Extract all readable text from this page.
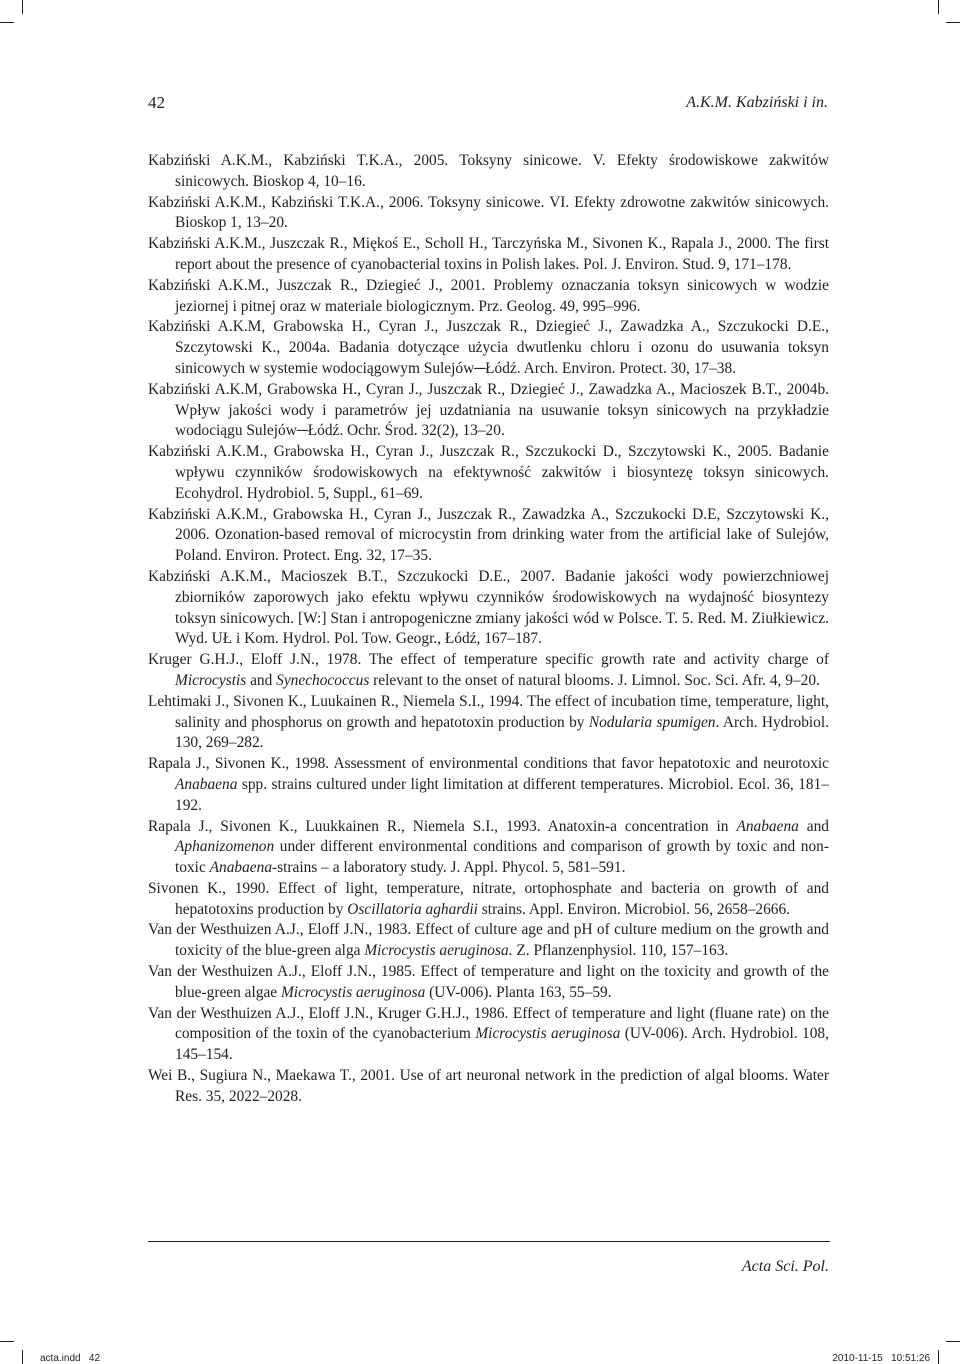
42	A.K.M. Kabziński i in.

Kabziński A.K.M., Kabziński T.K.A., 2005. Toksyny sinicowe. V. Efekty środowiskowe zakwitów sinicowych. Bioskop 4, 10–16.

Kabziński A.K.M., Kabziński T.K.A., 2006. Toksyny sinicowe. VI. Efekty zdrowotne zakwitów sinicowych. Bioskop 1, 13–20.

Kabziński A.K.M., Juszczak R., Miękoś E., Scholl H., Tarczyńska M., Sivonen K., Rapala J., 2000. The first report about the presence of cyanobacterial toxins in Polish lakes. Pol. J. Environ. Stud. 9, 171–178.

Kabziński A.K.M., Juszczak R., Dziegieć J., 2001. Problemy oznaczania toksyn sinicowych w wodzie jeziornej i pitnej oraz w materiale biologicznym. Prz. Geolog. 49, 995–996.

Kabziński A.K.M, Grabowska H., Cyran J., Juszczak R., Dziegieć J., Zawadzka A., Szczukocki D.E., Szczytowski K., 2004a. Badania dotyczące użycia dwutlenku chloru i ozonu do usuwania toksyn sinicowych w systemie wodociągowym Sulejów─Łódź. Arch. Environ. Protect. 30, 17–38.

Kabziński A.K.M, Grabowska H., Cyran J., Juszczak R., Dziegieć J., Zawadzka A., Macioszek B.T., 2004b. Wpływ jakości wody i parametrów jej uzdatniania na usuwanie toksyn sinicowych na przykładzie wodociągu Sulejów─Łódź. Ochr. Środ. 32(2), 13–20.

Kabziński A.K.M., Grabowska H., Cyran J., Juszczak R., Szczukocki D., Szczytowski K., 2005. Badanie wpływu czynników środowiskowych na efektywność zakwitów i biosyntezę toksyn sinicowych. Ecohydrol. Hydrobiol. 5, Suppl., 61–69.

Kabziński A.K.M., Grabowska H., Cyran J., Juszczak R., Zawadzka A., Szczukocki D.E, Szczytowski K., 2006. Ozonation-based removal of microcystin from drinking water from the artificial lake of Sulejów, Poland. Environ. Protect. Eng. 32, 17–35.

Kabziński A.K.M., Macioszek B.T., Szczukocki D.E., 2007. Badanie jakości wody powierzchniowej zbiorników zaporowych jako efektu wpływu czynników środowiskowych na wydajność biosyntezy toksyn sinicowych. [W:] Stan i antropogeniczne zmiany jakości wód w Polsce. T. 5. Red. M. Ziułkiewicz. Wyd. UŁ i Kom. Hydrol. Pol. Tow. Geogr., Łódź, 167–187.

Kruger G.H.J., Eloff J.N., 1978. The effect of temperature specific growth rate and activity charge of Microcystis and Synechococcus relevant to the onset of natural blooms. J. Limnol. Soc. Sci. Afr. 4, 9–20.

Lehtimaki J., Sivonen K., Luukainen R., Niemela S.I., 1994. The effect of incubation time, temperature, light, salinity and phosphorus on growth and hepatotoxin production by Nodularia spumigen. Arch. Hydrobiol. 130, 269–282.

Rapala J., Sivonen K., 1998. Assessment of environmental conditions that favor hepatotoxic and neurotoxic Anabaena spp. strains cultured under light limitation at different temperatures. Microbiol. Ecol. 36, 181–192.

Rapala J., Sivonen K., Luukkainen R., Niemela S.I., 1993. Anatoxin-a concentration in Anabaena and Aphanizomenon under different environmental conditions and comparison of growth by toxic and non-toxic Anabaena-strains – a laboratory study. J. Appl. Phycol. 5, 581–591.

Sivonen K., 1990. Effect of light, temperature, nitrate, ortophosphate and bacteria on growth of and hepatotoxins production by Oscillatoria aghardii strains. Appl. Environ. Microbiol. 56, 2658–2666.

Van der Westhuizen A.J., Eloff J.N., 1983. Effect of culture age and pH of culture medium on the growth and toxicity of the blue-green alga Microcystis aeruginosa. Z. Pflanzenphysiol. 110, 157–163.

Van der Westhuizen A.J., Eloff J.N., 1985. Effect of temperature and light on the toxicity and growth of the blue-green algae Microcystis aeruginosa (UV-006). Planta 163, 55–59.

Van der Westhuizen A.J., Eloff J.N., Kruger G.H.J., 1986. Effect of temperature and light (fluane rate) on the composition of the toxin of the cyanobacterium Microcystis aeruginosa (UV-006). Arch. Hydrobiol. 108, 145–154.

Wei B., Sugiura N., Maekawa T., 2001. Use of art neuronal network in the prediction of algal blooms. Water Res. 35, 2022–2028.

Acta Sci. Pol.
acta.indd   42	2010-11-15   10:51:26
